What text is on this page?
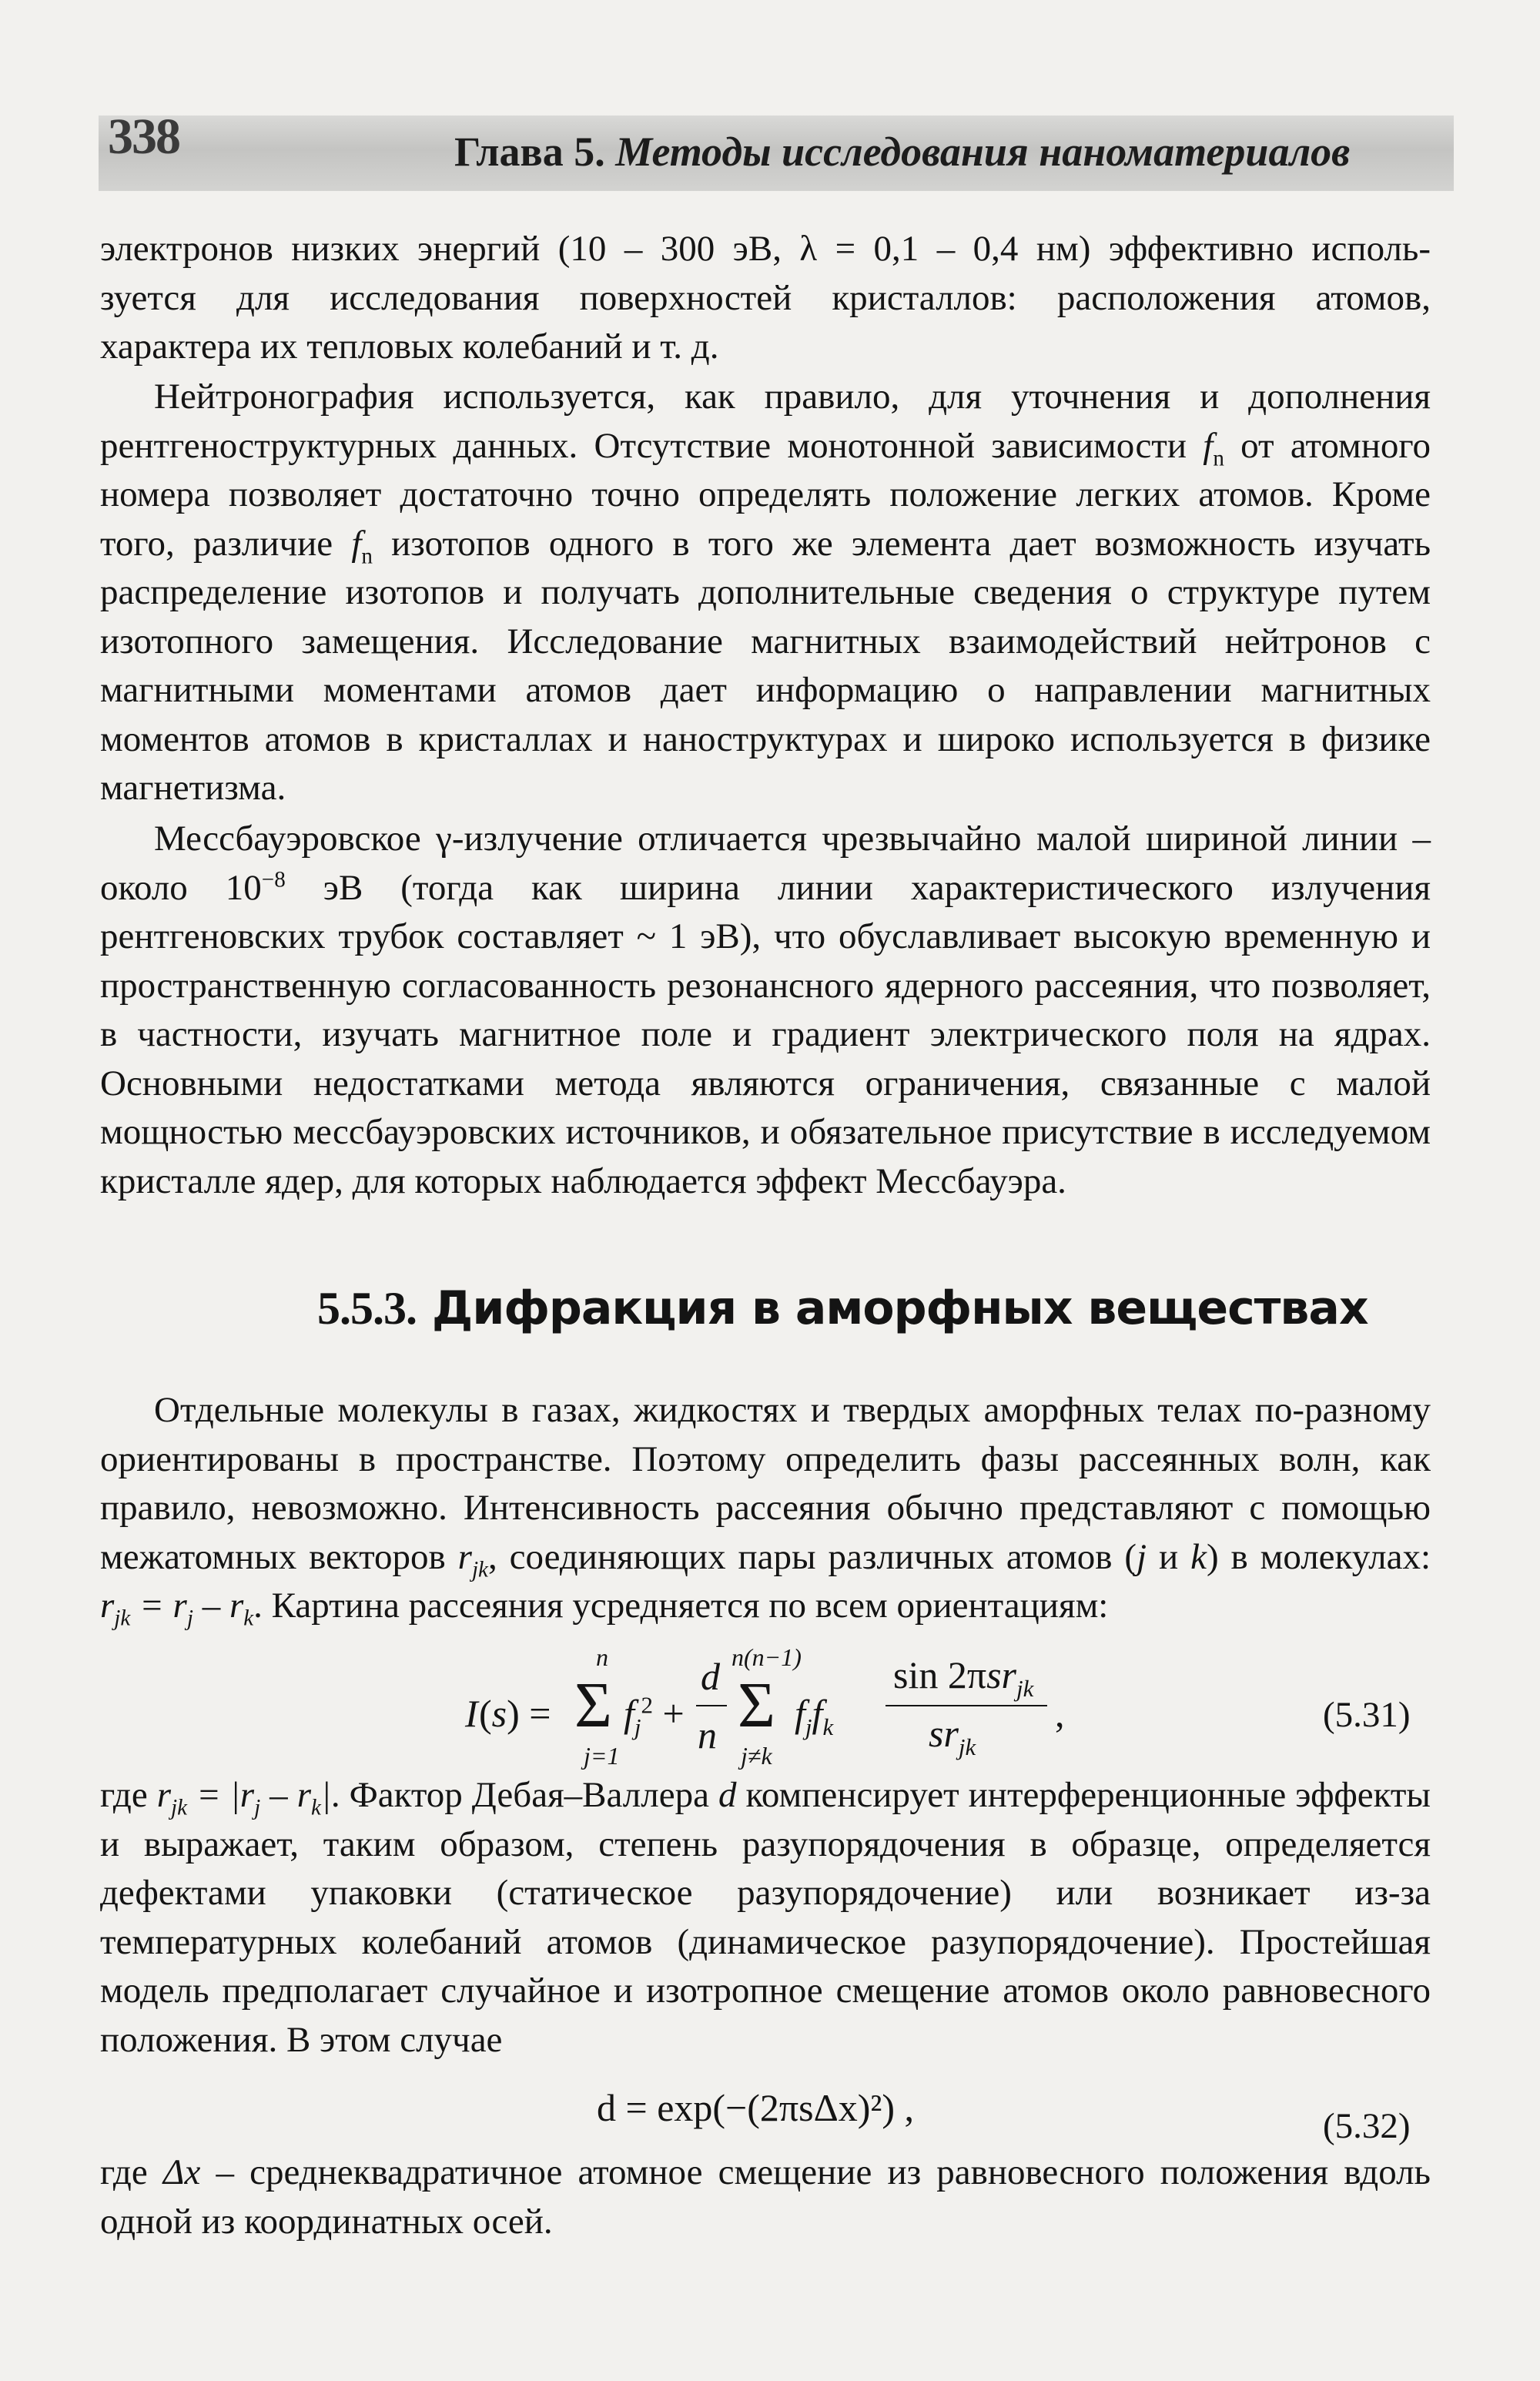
338	Глава 5. Методы исследования наноматериалов

электронов низких энергий (10 – 300 эВ, λ = 0,1 – 0,4 нм) эффективно исполь-

зуется для исследования поверхностей кристаллов: расположения атомов,

характера их тепловых колебаний и т. д.

Нейтронография используется, как правило, для уточнения и дополнения рентгеноструктурных данных. Отсутствие монотонной зависимости $f_n$ от атомного номера позволяет достаточно точно определять положение легких атомов. Кроме того, различие $f_n$ изотопов одного в того же элемента дает возможность изучать распределение изотопов и получать дополнительные сведения о структуре путем изотопного замещения. Исследование магнитных взаимодействий нейтронов с магнитными моментами атомов дает информацию о направлении магнитных моментов атомов в кристаллах и наноструктурах и широко используется в физике магнетизма.

Мессбауэровское γ-излучение отличается чрезвычайно малой шириной линии – около $10^{-8}$ эВ (тогда как ширина линии характеристического излучения рентгеновских трубок составляет ~ 1 эВ), что обуславливает высокую временную и пространственную согласованность резонансного ядерного рассеяния, что позволяет, в частности, изучать магнитное поле и градиент электрического поля на ядрах. Основными недостатками метода являются ограничения, связанные с малой мощностью мессбауэровских источников, и обязательное присутствие в исследуемом кристалле ядер, для которых наблюдается эффект Мессбауэра.

5.5.3. Дифракция в аморфных веществах

Отдельные молекулы в газах, жидкостях и твердых аморфных телах по-разному ориентированы в пространстве. Поэтому определить фазы рассеянных волн, как правило, невозможно. Интенсивность рассеяния обычно представляют с помощью межатомных векторов $r_{jk}$, соединяющих пары различных атомов (j и k) в молекулах: $r_{jk} = r_j - r_k$. Картина рассеяния усредняется по всем ориентациям:

I (s) = Σ
n
j=1
$f_j^2$ +
d
n Σ
n(n−1)
j≠k
$f_jf_k$
sin 2πsr$_{jk}$
$sr_{jk}$
,	(5.31)

где $r_{jk} = |r_j - r_k|$. Фактор Дебая–Валлера d компенсирует интерференционные эффекты и выражает, таким образом, степень разупорядочения в образце, определяется дефектами упаковки (статическое разупорядочение) или возникает из-за температурных колебаний атомов (динамическое разупорядочение). Простейшая модель предполагает случайное и изотропное смещение атомов около равновесного положения. В этом случае

d = exp(−(2πsΔx)²) ,	(5.32)

где Δx – среднеквадратичное атомное смещение из равновесного положения вдоль одной из координатных осей.
